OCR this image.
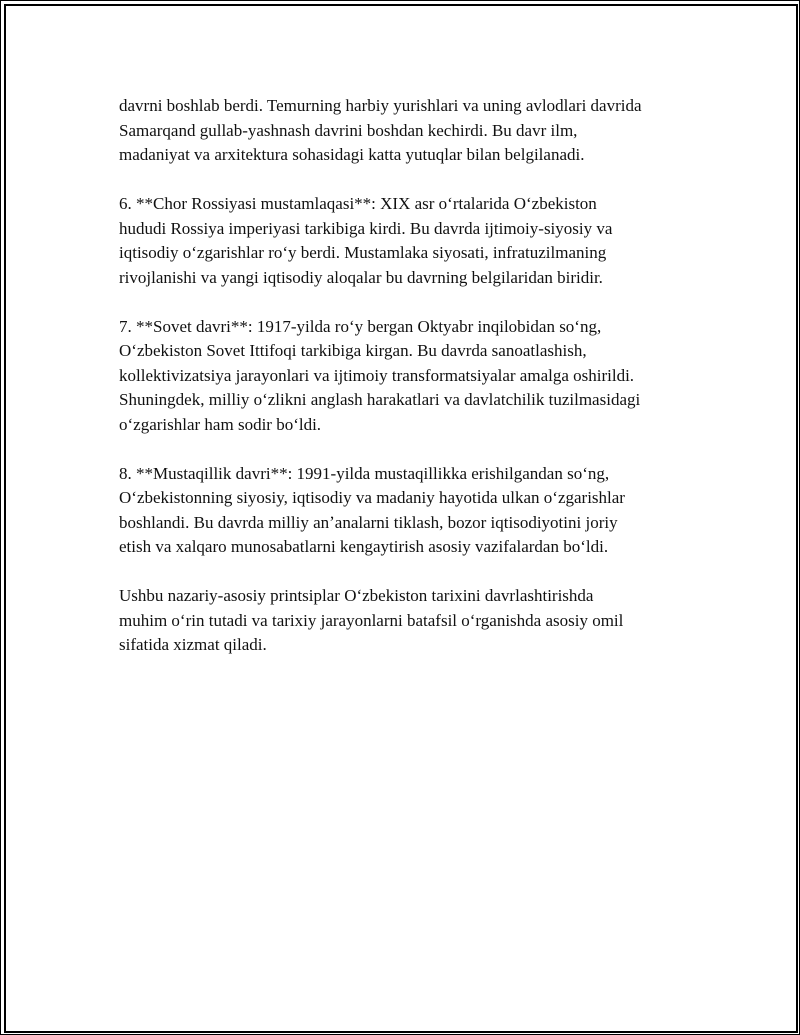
davrni boshlab berdi. Temurning harbiy yurishlari va uning avlodlari davrida
Samarqand gullab-yashnash davrini boshdan kechirdi. Bu davr ilm,
madaniyat va arxitektura sohasidagi katta yutuqlar bilan belgilanadi.

6. **Chor Rossiyasi mustamlaqasi**: XIX asr oʻrtalarida Oʻzbekiston
hududi Rossiya imperiyasi tarkibiga kirdi. Bu davrda ijtimoiy-siyosiy va
iqtisodiy oʻzgarishlar roʻy berdi. Mustamlaka siyosati, infratuzilmaning
rivojlanishi va yangi iqtisodiy aloqalar bu davrning belgilaridan biridir.

7. **Sovet davri**: 1917-yilda roʻy bergan Oktyabr inqilobidan soʻng,
Oʻzbekiston Sovet Ittifoqi tarkibiga kirgan. Bu davrda sanoatlashish,
kollektivizatsiya jarayonlari va ijtimoiy transformatsiyalar amalga oshirildi.
Shuningdek, milliy oʻzlikni anglash harakatlari va davlatchilik tuzilmasidagi
oʻzgarishlar ham sodir boʻldi.

8. **Mustaqillik davri**: 1991-yilda mustaqillikka erishilgandan soʻng,
Oʻzbekistonning siyosiy, iqtisodiy va madaniy hayotida ulkan oʻzgarishlar
boshlandi. Bu davrda milliy anʼanalarni tiklash, bozor iqtisodiyotini joriy
etish va xalqaro munosabatlarni kengaytirish asosiy vazifalardan boʻldi.

Ushbu nazariy-asosiy printsiplar Oʻzbekiston tarixini davrlashtirishda
muhim oʻrin tutadi va tarixiy jarayonlarni batafsil oʻrganishda asosiy omil
sifatida xizmat qiladi.
